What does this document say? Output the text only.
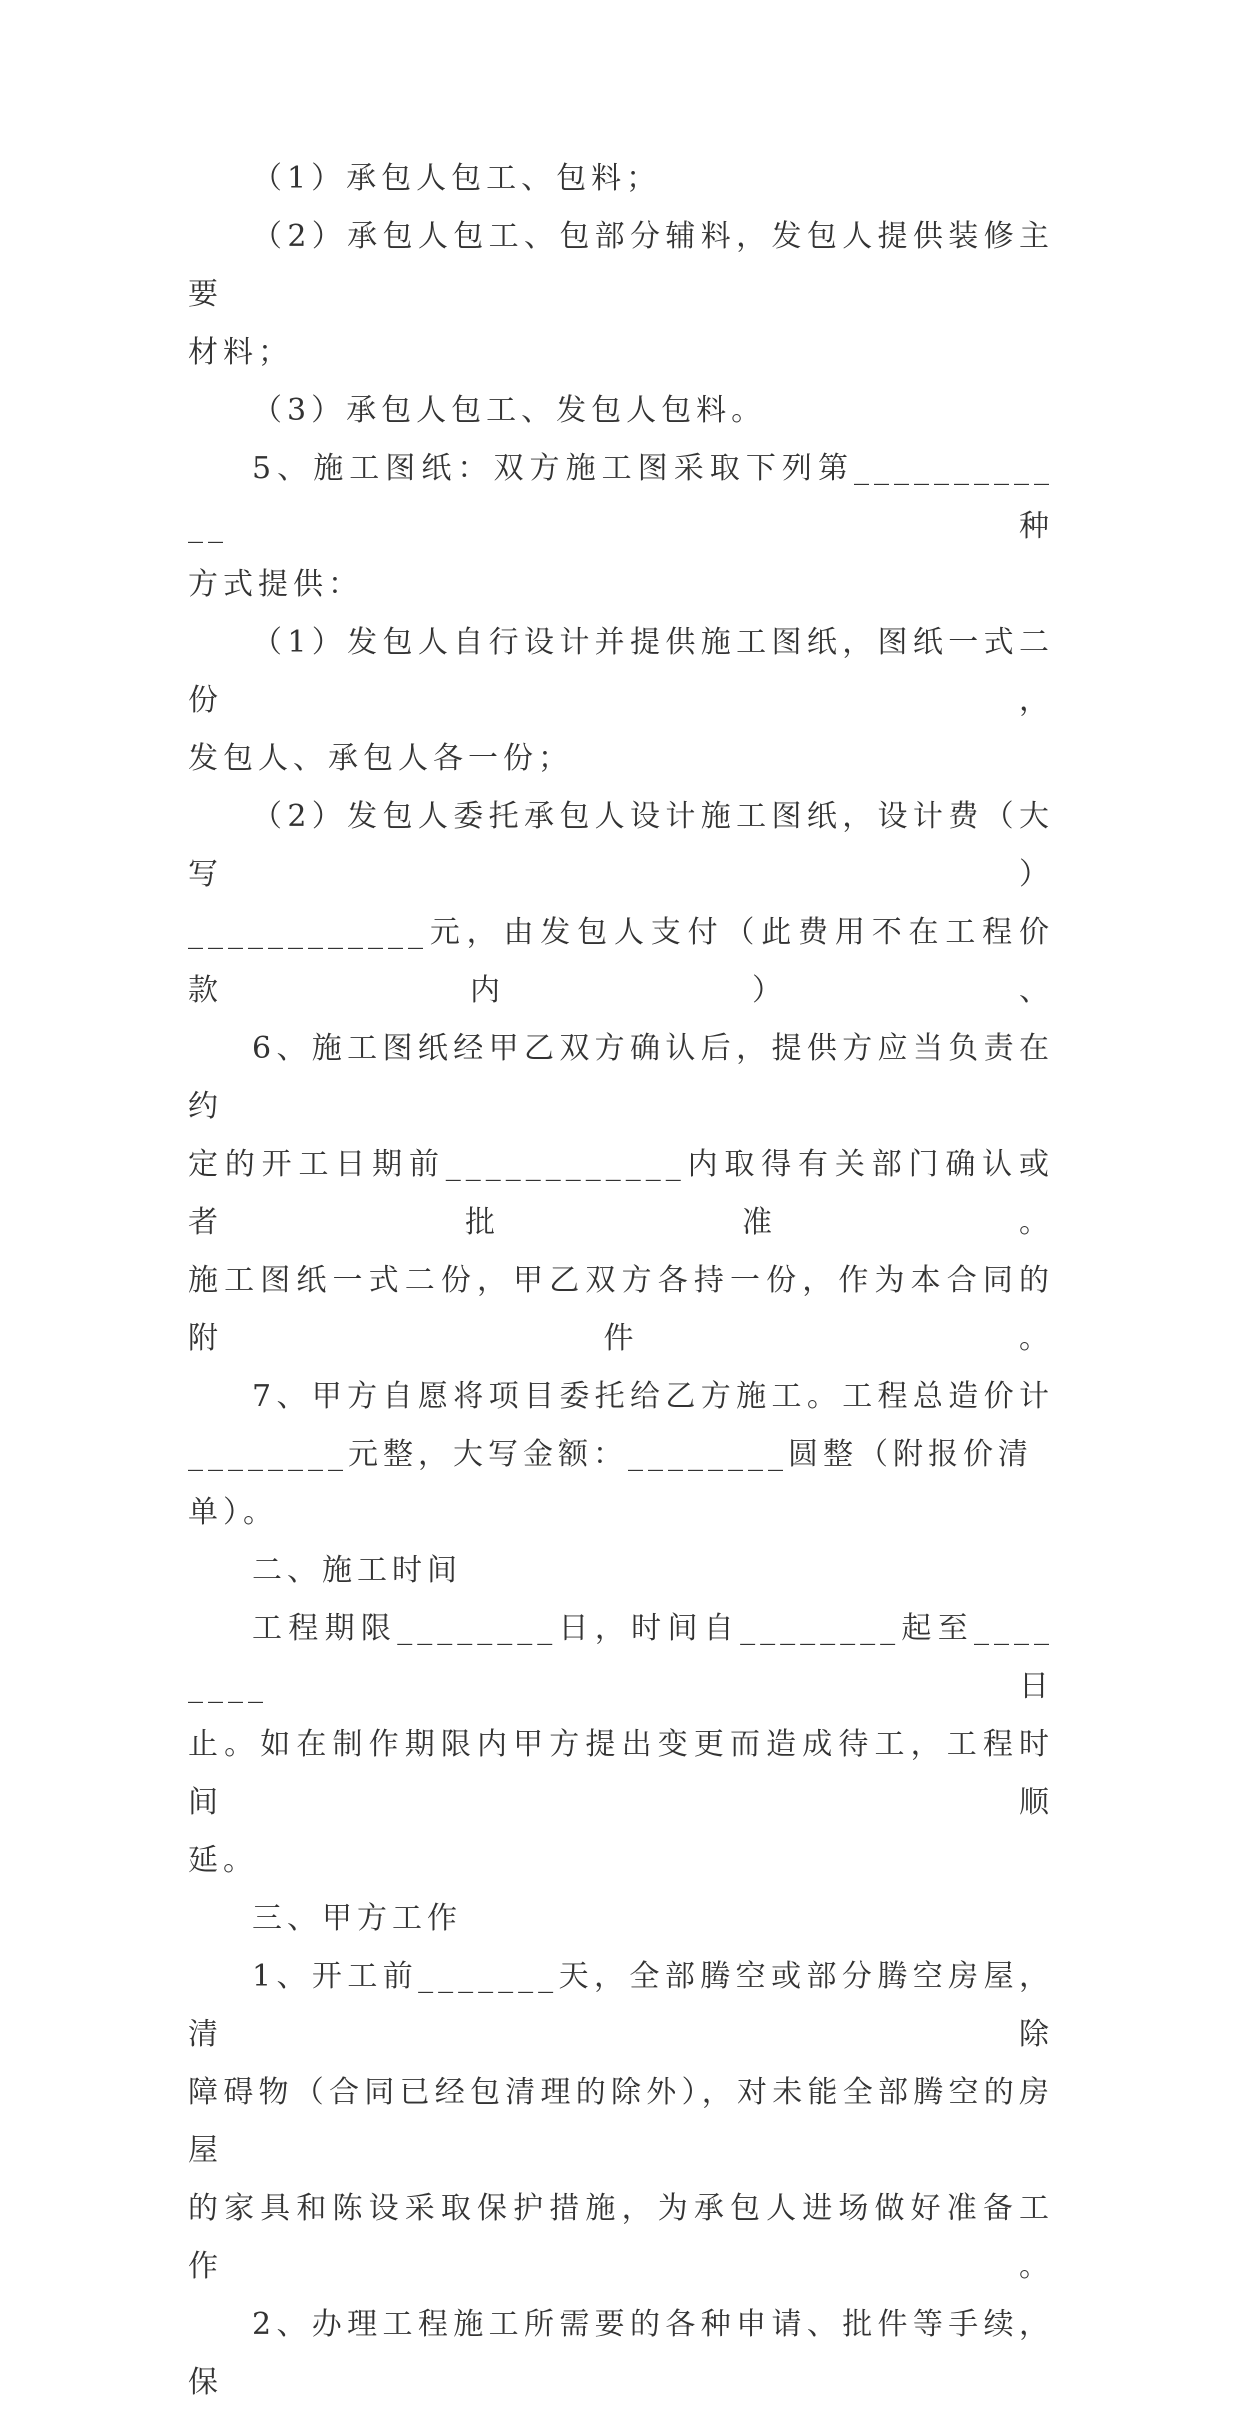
（1）承包人包工、包料；

（2）承包人包工、包部分辅料，发包人提供装修主要

材料；

（3）承包人包工、发包人包料。

5、施工图纸：双方施工图采取下列第____________种

方式提供：

（1）发包人自行设计并提供施工图纸，图纸一式二份，

发包人、承包人各一份；

（2）发包人委托承包人设计施工图纸，设计费（大写）

____________元，由发包人支付（此费用不在工程价款内）、

6、施工图纸经甲乙双方确认后，提供方应当负责在约

定的开工日期前____________内取得有关部门确认或者批准。

施工图纸一式二份，甲乙双方各持一份，作为本合同的附件。

7、甲方自愿将项目委托给乙方施工。工程总造价计

________元整，大写金额：________圆整（附报价清单）。

二、施工时间

工程期限________日，时间自________起至________日

止。如在制作期限内甲方提出变更而造成待工，工程时间顺

延。

三、甲方工作

1、开工前_______天，全部腾空或部分腾空房屋，清除

障碍物（合同已经包清理的除外），对未能全部腾空的房屋

的家具和陈设采取保护措施，为承包人进场做好准备工作。

2、办理工程施工所需要的各种申请、批件等手续，保
